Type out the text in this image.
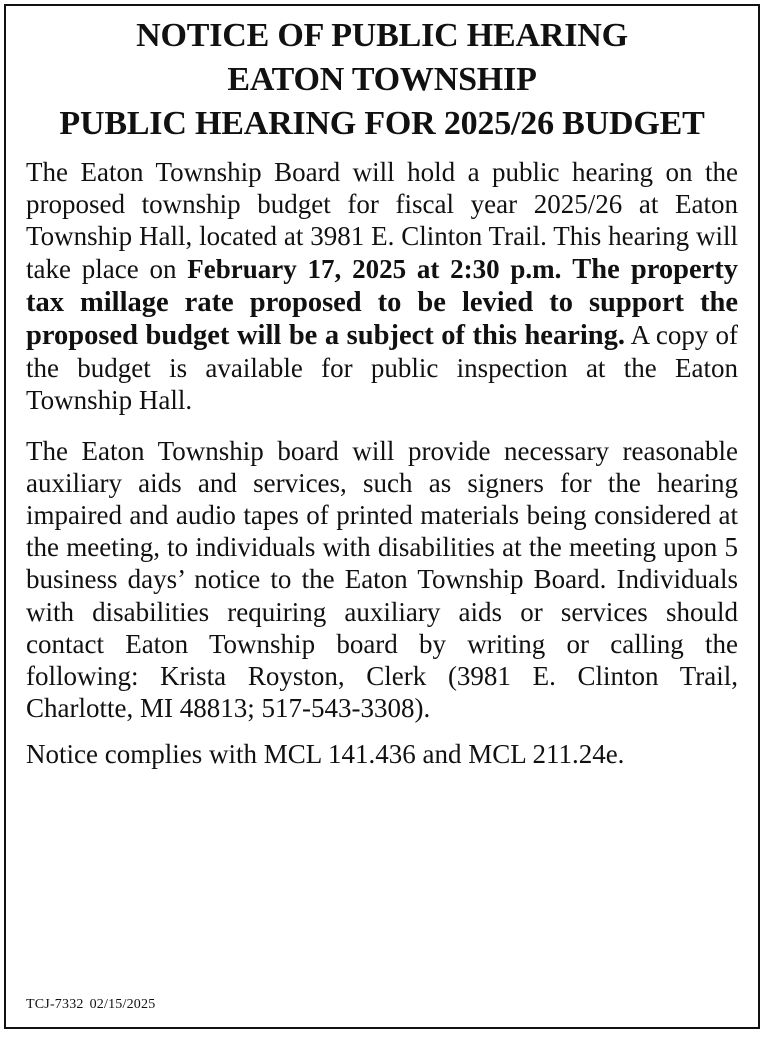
NOTICE OF PUBLIC HEARING
EATON TOWNSHIP
PUBLIC HEARING FOR 2025/26 BUDGET

The Eaton Township Board will hold a public hearing on the proposed township budget for fiscal year 2025/26 at Eaton Township Hall, located at 3981 E. Clinton Trail. This hearing will take place on February 17, 2025 at 2:30 p.m. The property tax millage rate proposed to be levied to support the proposed budget will be a subject of this hearing. A copy of the budget is available for public inspection at the Eaton Township Hall.

The Eaton Township board will provide necessary reasonable auxiliary aids and services, such as signers for the hearing impaired and audio tapes of printed materials being considered at the meeting, to individuals with disabilities at the meeting upon 5 business days’ notice to the Eaton Township Board. Individuals with disabilities requiring auxiliary aids or services should contact Eaton Township board by writing or calling the following: Krista Royston, Clerk (3981 E. Clinton Trail, Charlotte, MI 48813; 517-543-3308).

Notice complies with MCL 141.436 and MCL 211.24e.

TCJ-7332 02/15/2025
